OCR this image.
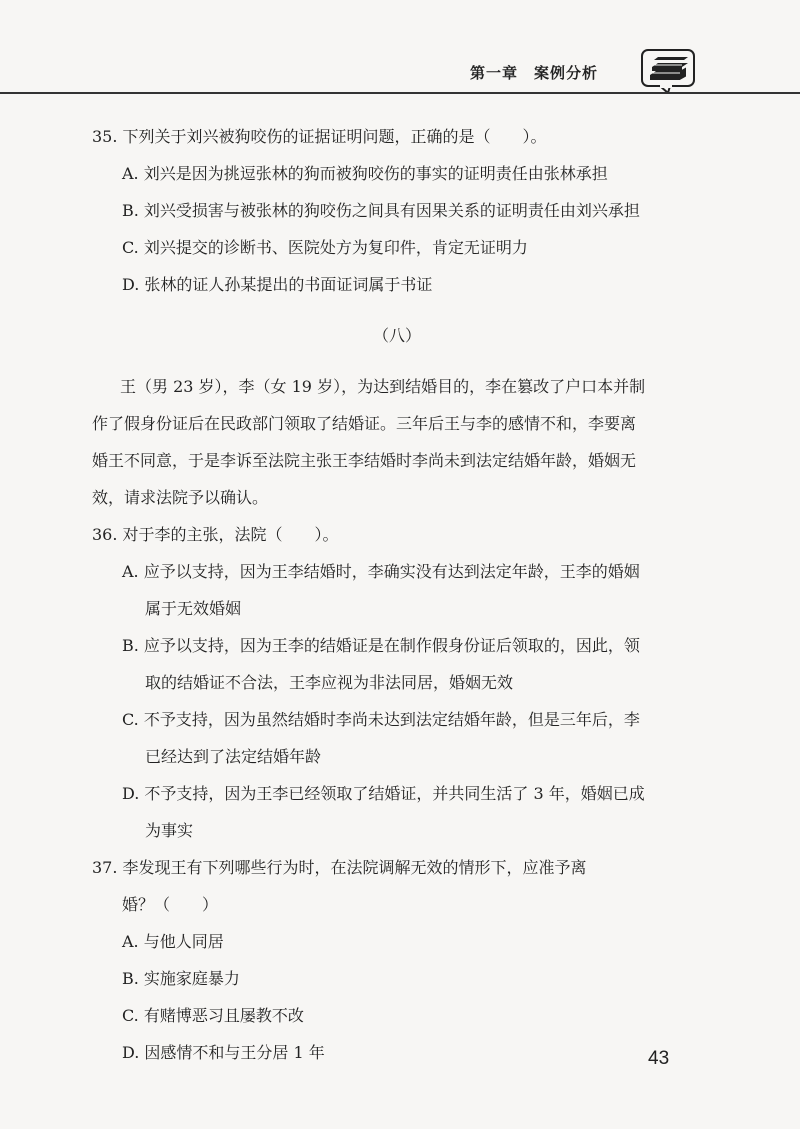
第一章　案例分析
35. 下列关于刘兴被狗咬伤的证据证明问题，正确的是（　　）。
A. 刘兴是因为挑逗张林的狗而被狗咬伤的事实的证明责任由张林承担
B. 刘兴受损害与被张林的狗咬伤之间具有因果关系的证明责任由刘兴承担
C. 刘兴提交的诊断书、医院处方为复印件，肯定无证明力
D. 张林的证人孙某提出的书面证词属于书证
（八）
王（男 23 岁），李（女 19 岁），为达到结婚目的，李在篡改了户口本并制
作了假身份证后在民政部门领取了结婚证。三年后王与李的感情不和，李要离
婚王不同意，于是李诉至法院主张王李结婚时李尚未到法定结婚年龄，婚姻无
效，请求法院予以确认。
36. 对于李的主张，法院（　　）。
A. 应予以支持，因为王李结婚时，李确实没有达到法定年龄，王李的婚姻
属于无效婚姻
B. 应予以支持，因为王李的结婚证是在制作假身份证后领取的，因此，领
取的结婚证不合法，王李应视为非法同居，婚姻无效
C. 不予支持，因为虽然结婚时李尚未达到法定结婚年龄，但是三年后，李
已经达到了法定结婚年龄
D. 不予支持，因为王李已经领取了结婚证，并共同生活了 3 年，婚姻已成
为事实
37. 李发现王有下列哪些行为时，在法院调解无效的情形下，应准予离
婚？（　　）
A. 与他人同居
B. 实施家庭暴力
C. 有赌博恶习且屡教不改
D. 因感情不和与王分居 1 年	43
